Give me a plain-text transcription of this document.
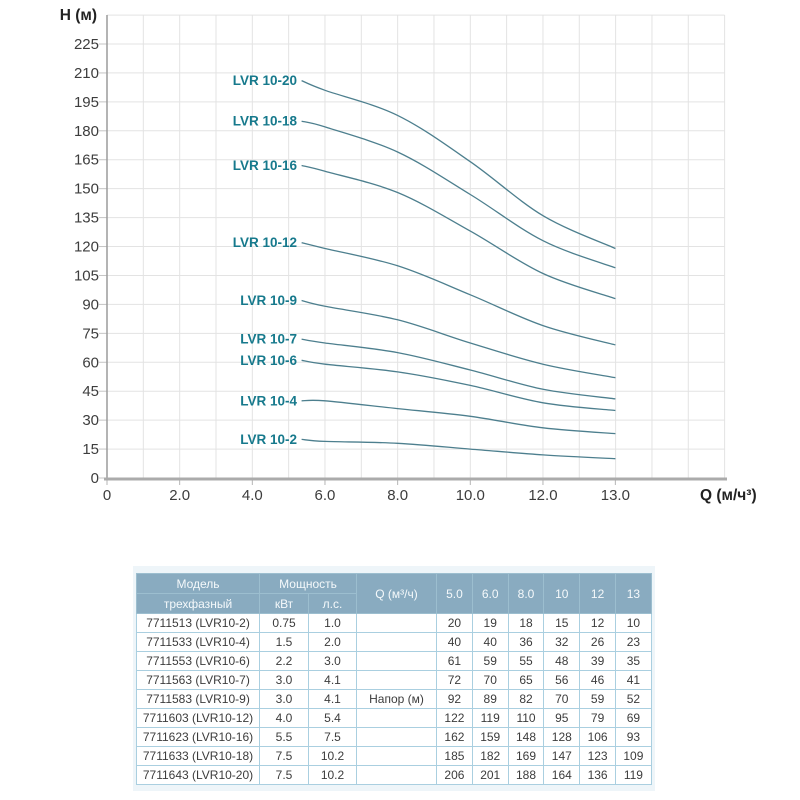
0
15
30
45
60
75
90
105
120
135
150
165
180
195
210
225
0	2.0	4.0	6.0	8.0	10.0	12.0	13.0
Н (м)
Q (м/ч³)
LVR 10-2
LVR 10-4
LVR 10-6
LVR 10-7
LVR 10-9
LVR 10-12
LVR 10-16
LVR 10-18
LVR 10-20
Модель	Мощность		Q (м³/ч)	5.0	6.0	8.0	10	12	13
трехфазный	кВт	л.с.							
7711513 (LVR10-2)	0.75	1.0		20	19	18	15	12	10
7711533 (LVR10-4)	1.5	2.0		40	40	36	32	26	23
7711553 (LVR10-6)	2.2	3.0		61	59	55	48	39	35
7711563 (LVR10-7)	3.0	4.1		72	70	65	56	46	41
7711583 (LVR10-9)	3.0	4.1	Напор (м)	92	89	82	70	59	52
7711603 (LVR10-12)	4.0	5.4		122	119	110	95	79	69
7711623 (LVR10-16)	5.5	7.5		162	159	148	128	106	93
7711633 (LVR10-18)	7.5	10.2		185	182	169	147	123	109
7711643 (LVR10-20)	7.5	10.2		206	201	188	164	136	119
